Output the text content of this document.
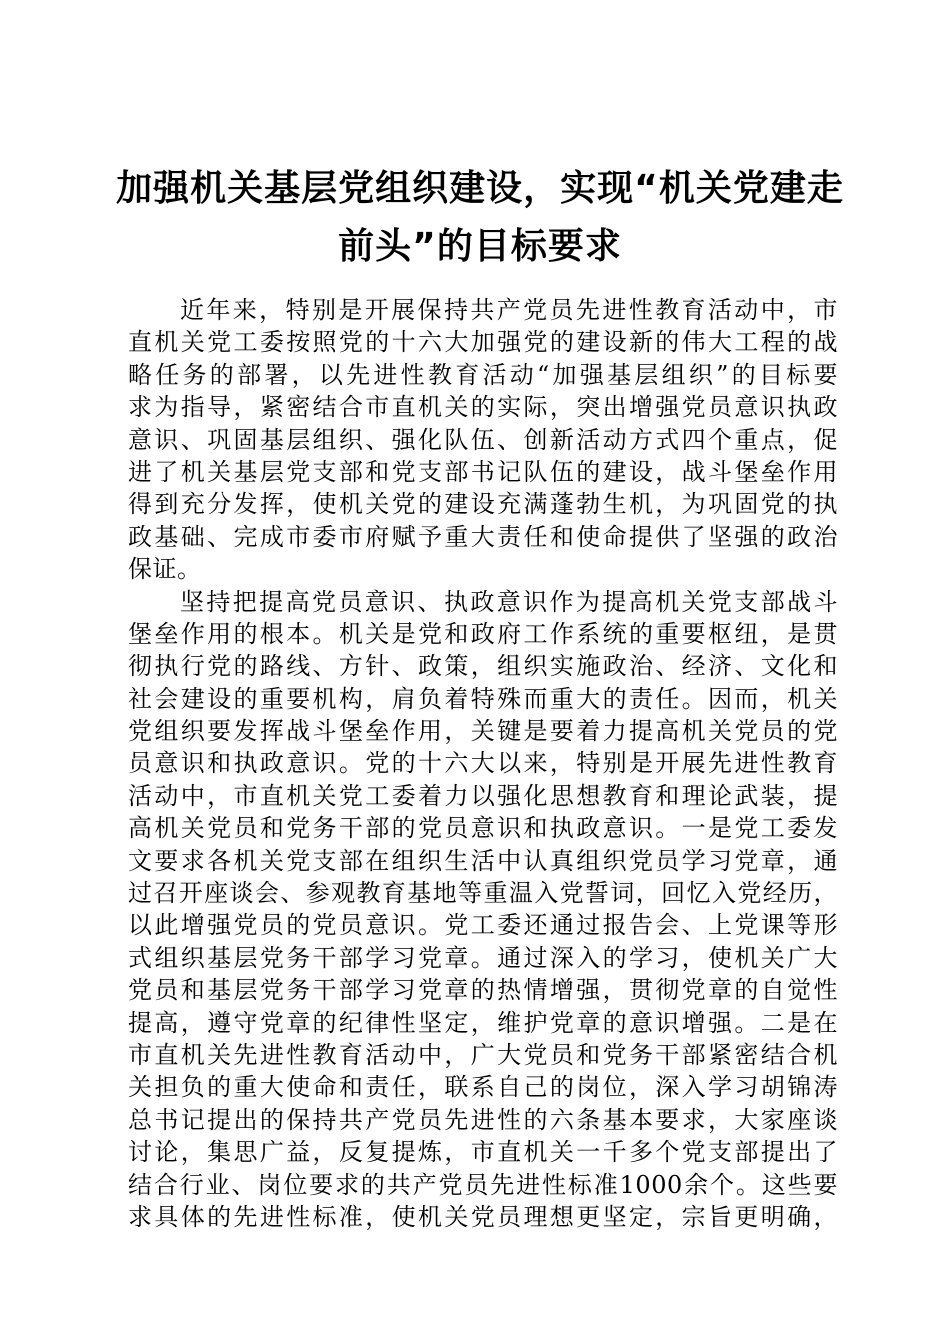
加强机关基层党组织建设，实现“机关党建走
前头”的目标要求
近年来，特别是开展保持共产党员先进性教育活动中，市
直机关党工委按照党的十六大加强党的建设新的伟大工程的战
略任务的部署，以先进性教育活动“加强基层组织”的目标要
求为指导，紧密结合市直机关的实际，突出增强党员意识执政
意识、巩固基层组织、强化队伍、创新活动方式四个重点，促
进了机关基层党支部和党支部书记队伍的建设，战斗堡垒作用
得到充分发挥，使机关党的建设充满蓬勃生机，为巩固党的执
政基础、完成市委市府赋予重大责任和使命提供了坚强的政治
保证。
坚持把提高党员意识、执政意识作为提高机关党支部战斗
堡垒作用的根本。机关是党和政府工作系统的重要枢纽，是贯
彻执行党的路线、方针、政策，组织实施政治、经济、文化和
社会建设的重要机构，肩负着特殊而重大的责任。因而，机关
党组织要发挥战斗堡垒作用，关键是要着力提高机关党员的党
员意识和执政意识。党的十六大以来，特别是开展先进性教育
活动中，市直机关党工委着力以强化思想教育和理论武装，提
高机关党员和党务干部的党员意识和执政意识。一是党工委发
文要求各机关党支部在组织生活中认真组织党员学习党章，通
过召开座谈会、参观教育基地等重温入党誓词，回忆入党经历，
以此增强党员的党员意识。党工委还通过报告会、上党课等形
式组织基层党务干部学习党章。通过深入的学习，使机关广大
党员和基层党务干部学习党章的热情增强，贯彻党章的自觉性
提高，遵守党章的纪律性坚定，维护党章的意识增强。二是在
市直机关先进性教育活动中，广大党员和党务干部紧密结合机
关担负的重大使命和责任，联系自己的岗位，深入学习胡锦涛
总书记提出的保持共产党员先进性的六条基本要求，大家座谈
讨论，集思广益，反复提炼，市直机关一千多个党支部提出了
结合行业、岗位要求的共产党员先进性标准1000余个。这些要
求具体的先进性标准，使机关党员理想更坚定，宗旨更明确，
